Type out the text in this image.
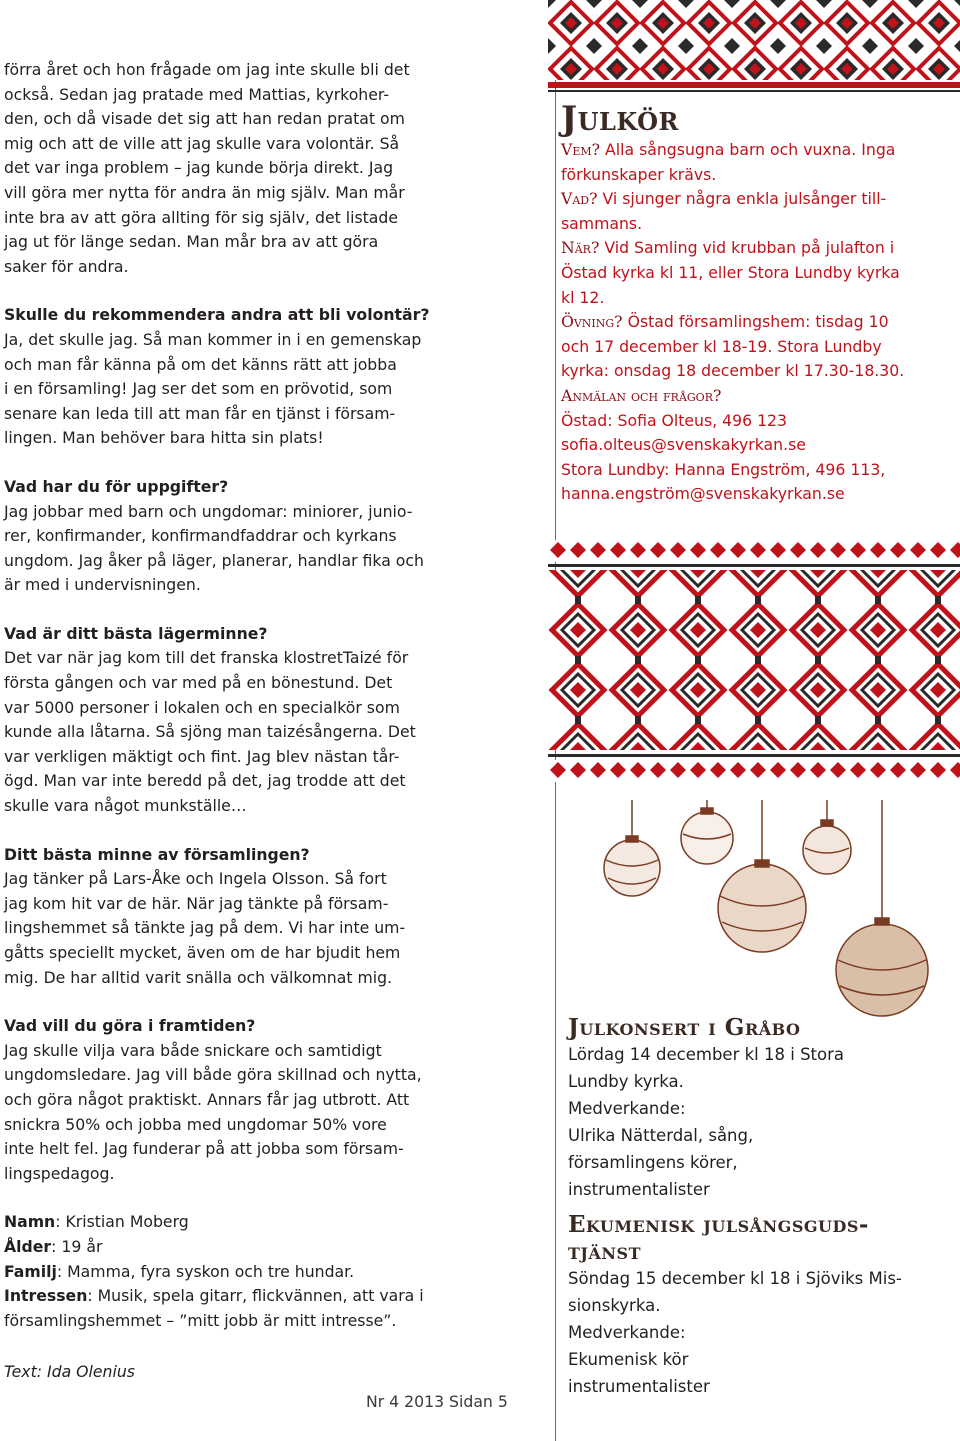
förra året och hon frågade om jag inte skulle bli det

också. Sedan jag pratade med Mattias, kyrkoher-

den, och då visade det sig att han redan pratat om

mig och att de ville att jag skulle vara volontär. Så

det var inga problem – jag kunde börja direkt. Jag

vill göra mer nytta för andra än mig själv. Man mår

inte bra av att göra allting för sig själv, det listade

jag ut för länge sedan. Man mår bra av att göra

saker för andra.

Skulle du rekommendera andra att bli volontär?

Ja, det skulle jag. Så man kommer in i en gemenskap

och man får känna på om det känns rätt att jobba

i en församling! Jag ser det som en prövotid, som

senare kan leda till att man får en tjänst i försam-

lingen. Man behöver bara hitta sin plats!

Vad har du för uppgifter?

Jag jobbar med barn och ungdomar: miniorer, junio-

rer, konfirmander, konfirmandfaddrar och kyrkans

ungdom. Jag åker på läger, planerar, handlar fika och

är med i undervisningen.

Vad är ditt bästa lägerminne?

Det var när jag kom till det franska klostretTaizé för

första gången och var med på en bönestund. Det

var 5000 personer i lokalen och en specialkör som

kunde alla låtarna. Så sjöng man taizésångerna. Det

var verkligen mäktigt och fint. Jag blev nästan tår-

ögd. Man var inte beredd på det, jag trodde att det

skulle vara något munkställe…

Ditt bästa minne av församlingen?

Jag tänker på Lars-Åke och Ingela Olsson. Så fort

jag kom hit var de här. När jag tänkte på försam-

lingshemmet så tänkte jag på dem. Vi har inte um-

gåtts speciellt mycket, även om de har bjudit hem

mig. De har alltid varit snälla och välkomnat mig.

Vad vill du göra i framtiden?

Jag skulle vilja vara både snickare och samtidigt

ungdomsledare. Jag vill både göra skillnad och nytta,

och göra något praktiskt. Annars får jag utbrott. Att

snickra 50% och jobba med ungdomar 50% vore

inte helt fel. Jag funderar på att jobba som försam-

lingspedagog.

Namn: Kristian Moberg

Ålder: 19 år

Familj: Mamma, fyra syskon och tre hundar.

Intressen: Musik, spela gitarr, flickvännen, att vara i

församlingshemmet – ”mitt jobb är mitt intresse”.

Text: Ida Olenius
Nr 4 2013 Sidan 5
Julkör

Vem? Alla sångsugna barn och vuxna. Inga

förkunskaper krävs.

Vad? Vi sjunger några enkla julsånger till-

sammans.

När? Vid Samling vid krubban på julafton i

Östad kyrka kl 11, eller Stora Lundby kyrka

kl 12.

Övning? Östad församlingshem: tisdag 10

och 17 december kl 18-19. Stora Lundby

kyrka: onsdag 18 december kl 17.30-18.30.

Anmälan och frågor?

Östad: Sofia Olteus, 496 123

sofia.olteus@svenskakyrkan.se

Stora Lundby: Hanna Engström, 496 113,

hanna.engström@svenskakyrkan.se

Julkonsert i Gråbo

Lördag 14 december kl 18 i Stora

Lundby kyrka.

Medverkande:

Ulrika Nätterdal, sång,

församlingens körer,

instrumentalister

Ekumenisk julsångsguds-
tjänst

Söndag 15 december kl 18 i Sjöviks Mis-

sionskyrka.

Medverkande:

Ekumenisk kör

instrumentalister
